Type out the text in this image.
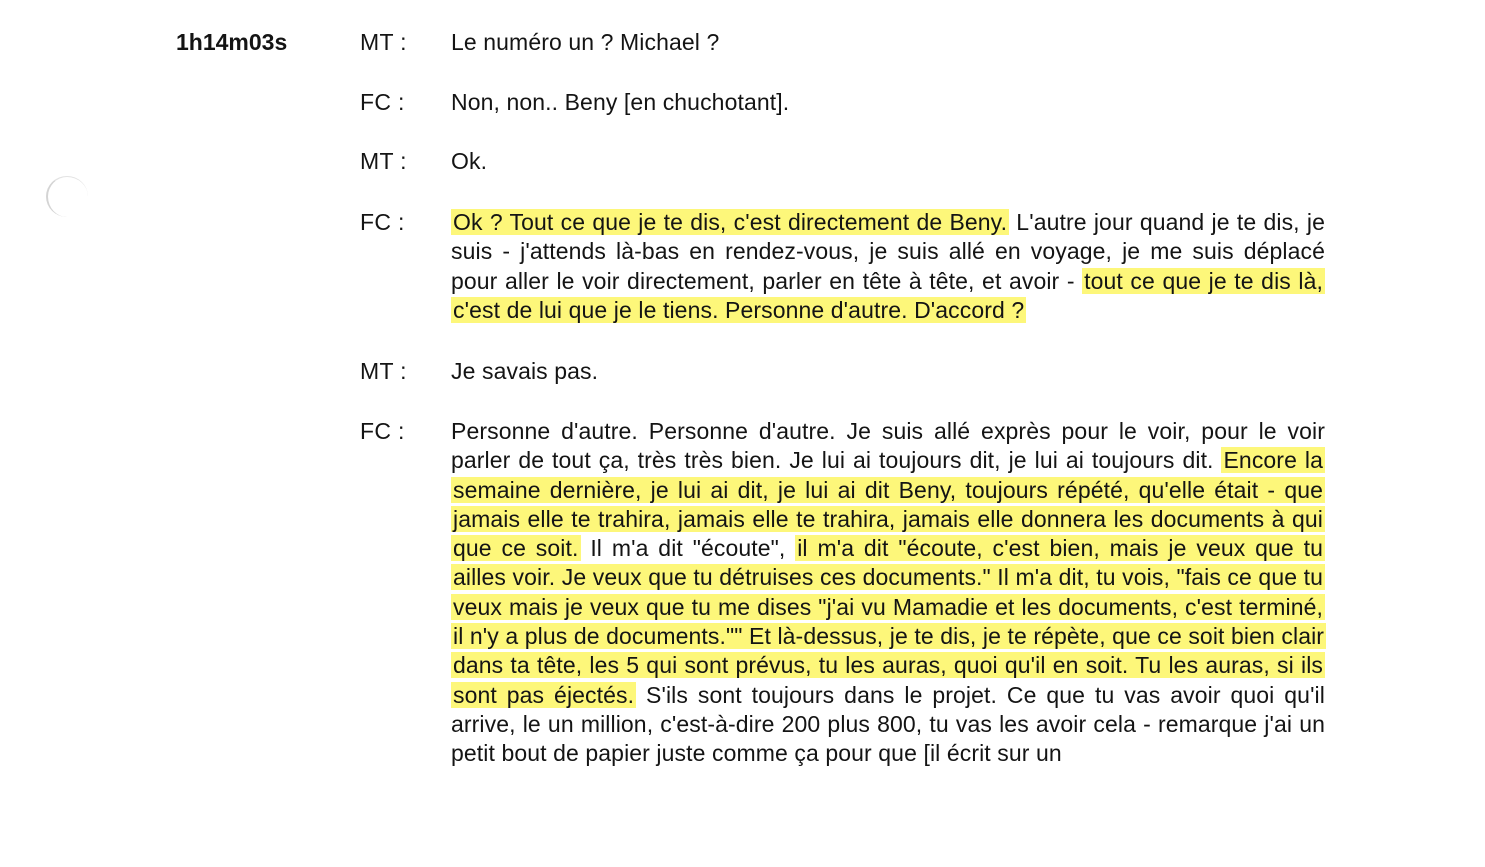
1h14m03s	MT : Le numéro un ? Michael ?
FC : Non, non.. Beny [en chuchotant].
MT : Ok.
FC : Ok ? Tout ce que je te dis, c'est directement de Beny. L'autre jour quand je te dis, je suis - j'attends là-bas en rendez-vous, je suis allé en voyage, je me suis déplacé pour aller le voir directement, parler en tête à tête, et avoir - tout ce que je te dis là, c'est de lui que je le tiens. Personne d'autre. D'accord ?
MT : Je savais pas.
FC : Personne d'autre. Personne d'autre. Je suis allé exprès pour le voir, pour le voir parler de tout ça, très très bien. Je lui ai toujours dit, je lui ai toujours dit. Encore la semaine dernière, je lui ai dit, je lui ai dit Beny, toujours répété, qu'elle était - que jamais elle te trahira, jamais elle te trahira, jamais elle donnera les documents à qui que ce soit. Il m'a dit "écoute", il m'a dit "écoute, c'est bien, mais je veux que tu ailles voir. Je veux que tu détruises ces documents." Il m'a dit, tu vois, "fais ce que tu veux mais je veux que tu me dises "j'ai vu Mamadie et les documents, c'est terminé, il n'y a plus de documents."" Et là-dessus, je te dis, je te répète, que ce soit bien clair dans ta tête, les 5 qui sont prévus, tu les auras, quoi qu'il en soit. Tu les auras, si ils sont pas éjectés. S'ils sont toujours dans le projet. Ce que tu vas avoir quoi qu'il arrive, le un million, c'est-à-dire 200 plus 800, tu vas les avoir cela - remarque j'ai un petit bout de papier juste comme ça pour que [il écrit sur un
